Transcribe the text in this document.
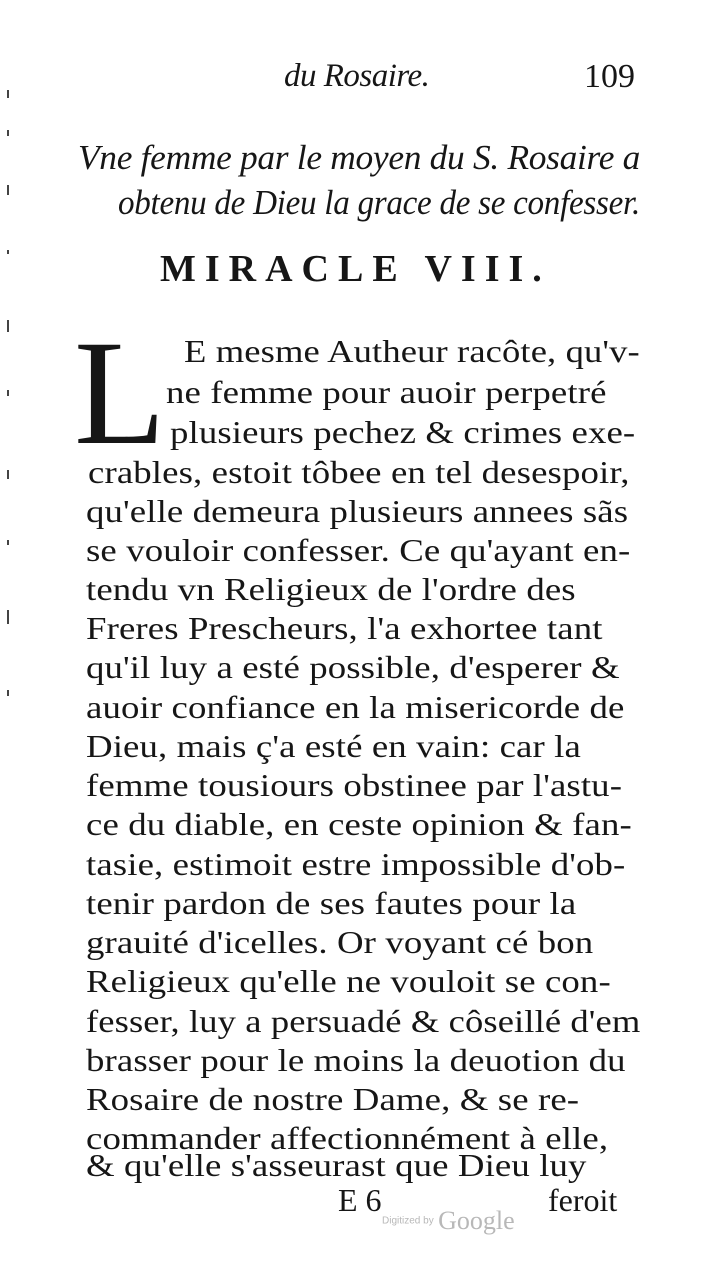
du Rosaire.	109
Vne femme par le moyen du S. Rosaire a
obtenu de Dieu la grace de se confesser.
MIRACLE VIII.
L E mesme Autheur racôte, qu'v-
ne femme pour auoir perpetré
plusieurs pechez & crimes exe-
crables, estoit tôbee en tel desespoir,
qu'elle demeura plusieurs annees sãs
se vouloir confesser. Ce qu'ayant en-
tendu vn Religieux de l'ordre des
Freres Prescheurs, l'a exhortee tant
qu'il luy a esté possible, d'esperer &
auoir confiance en la misericorde de
Dieu, mais ç'a esté en vain: car la
femme tousiours obstinee par l'astu-
ce du diable, en ceste opinion & fan-
tasie, estimoit estre impossible d'ob-
tenir pardon de ses fautes pour la
grauité d'icelles. Or voyant cé bon
Religieux qu'elle ne vouloit se con-
fesser, luy a persuadé & côseillé d'em
brasser pour le moins la deuotion du
Rosaire de nostre Dame, & se re-
commander affectionnément à elle,
& qu'elle s'asseurast que Dieu luy
E 6	feroit
Digitized by Google
